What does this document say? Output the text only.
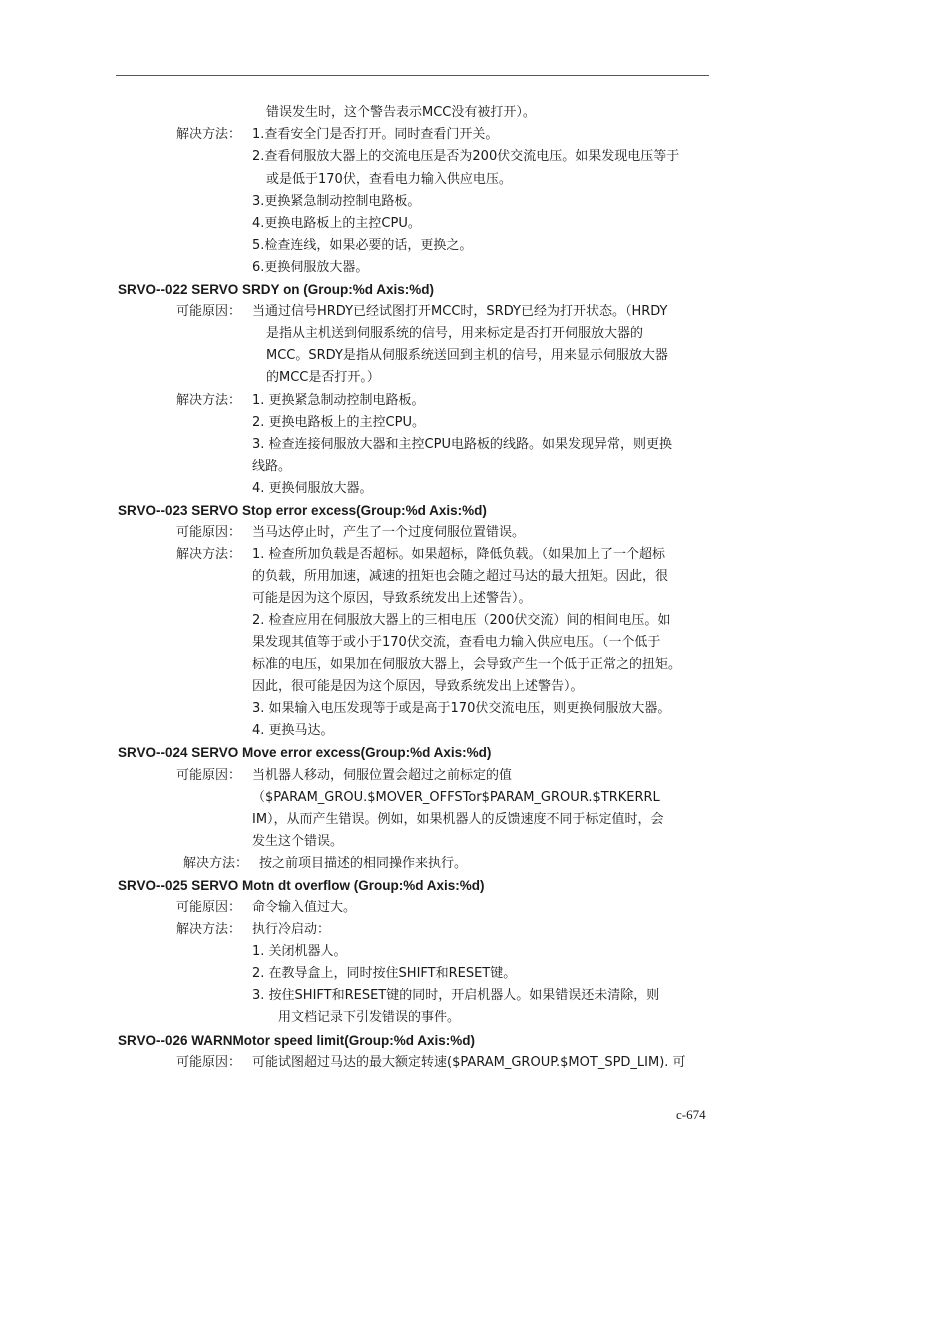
错误发生时，这个警告表示MCC没有被打开）。
解决方法： 1.查看安全门是否打开。同时查看门开关。
2.查看伺服放大器上的交流电压是否为200伏交流电压。如果发现电压等于
或是低于170伏，查看电力输入供应电压。
3.更换紧急制动控制电路板。
4.更换电路板上的主控CPU。
5.检查连线，如果必要的话，更换之。
6.更换伺服放大器。
SRVO--022 SERVO SRDY on (Group:%d Axis:%d)
可能原因： 当通过信号HRDY已经试图打开MCC时，SRDY已经为打开状态。（HRDY
是指从主机送到伺服系统的信号，用来标定是否打开伺服放大器的
MCC。SRDY是指从伺服系统送回到主机的信号，用来显示伺服放大器
的MCC是否打开。）
解决方法： 1. 更换紧急制动控制电路板。
2. 更换电路板上的主控CPU。
3. 检查连接伺服放大器和主控CPU电路板的线路。如果发现异常，则更换
线路。
4. 更换伺服放大器。
SRVO--023 SERVO Stop error excess(Group:%d Axis:%d)
可能原因： 当马达停止时，产生了一个过度伺服位置错误。
解决方法： 1. 检查所加负载是否超标。如果超标，降低负载。（如果加上了一个超标
的负载，所用加速，减速的扭矩也会随之超过马达的最大扭矩。因此，很
可能是因为这个原因，导致系统发出上述警告）。
2. 检查应用在伺服放大器上的三相电压（200伏交流）间的相间电压。如
果发现其值等于或小于170伏交流，查看电力输入供应电压。（一个低于
标准的电压，如果加在伺服放大器上，会导致产生一个低于正常之的扭矩。
因此，很可能是因为这个原因，导致系统发出上述警告）。
3. 如果输入电压发现等于或是高于170伏交流电压，则更换伺服放大器。
4. 更换马达。
SRVO--024 SERVO Move error excess(Group:%d Axis:%d)
可能原因： 当机器人移动，伺服位置会超过之前标定的值
（$PARAM_GROU.$MOVER_OFFSTor$PARAM_GROUR.$TRKERRL
IM），从而产生错误。例如，如果机器人的反馈速度不同于标定值时，会
发生这个错误。
解决方法： 按之前项目描述的相同操作来执行。
SRVO--025 SERVO Motn dt overflow (Group:%d Axis:%d)
可能原因： 命令输入值过大。
解决方法： 执行冷启动：
1. 关闭机器人。
2. 在教导盒上，同时按住SHIFT和RESET键。
3. 按住SHIFT和RESET键的同时，开启机器人。如果错误还未清除，则
用文档记录下引发错误的事件。
SRVO--026 WARNMotor speed limit(Group:%d Axis:%d)
可能原因： 可能试图超过马达的最大额定转速($PARAM_GROUP.$MOT_SPD_LIM). 可
c-674
